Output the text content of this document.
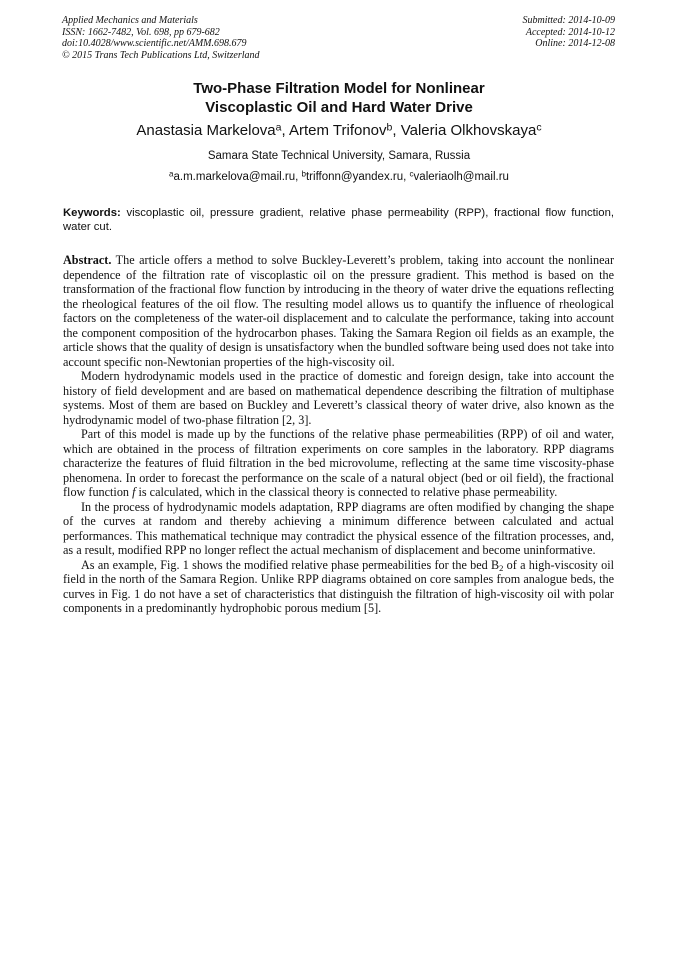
Applied Mechanics and Materials
ISSN: 1662-7482, Vol. 698, pp 679-682
doi:10.4028/www.scientific.net/AMM.698.679
© 2015 Trans Tech Publications Ltd, Switzerland
Submitted: 2014-10-09
Accepted: 2014-10-12
Online: 2014-12-08
Two-Phase Filtration Model for Nonlinear
Viscoplastic Oil and Hard Water Drive
Anastasia Markelova$^a$, Artem Trifonov$^b$, Valeria Olkhovskaya$^c$
Samara State Technical University, Samara, Russia
$^a$a.m.markelova@mail.ru, $^b$triffonn@yandex.ru, $^c$valeriaolh@mail.ru
Keywords: viscoplastic oil, pressure gradient, relative phase permeability (RPP), fractional flow function, water cut.

Abstract. The article offers a method to solve Buckley-Leverett’s problem, taking into account the nonlinear dependence of the filtration rate of viscoplastic oil on the pressure gradient. This method is based on the transformation of the fractional flow function by introducing in the theory of water drive the equations reflecting the rheological features of the oil flow. The resulting model allows us to quantify the influence of rheological factors on the completeness of the water-oil displacement and to calculate the performance, taking into account the component composition of the hydrocarbon phases. Taking the Samara Region oil fields as an example, the article shows that the quality of design is unsatisfactory when the bundled software being used does not take into account specific non-Newtonian properties of the high-viscosity oil.

Modern hydrodynamic models used in the practice of domestic and foreign design, take into account the history of field development and are based on mathematical dependence describing the filtration of multiphase systems. Most of them are based on Buckley and Leverett’s classical theory of water drive, also known as the hydrodynamic model of two-phase filtration [2, 3].

Part of this model is made up by the functions of the relative phase permeabilities (RPP) of oil and water, which are obtained in the process of filtration experiments on core samples in the laboratory. RPP diagrams characterize the features of fluid filtration in the bed microvolume, reflecting at the same time viscosity-phase phenomena. In order to forecast the performance on the scale of a natural object (bed or oil field), the fractional flow function f is calculated, which in the classical theory is connected to relative phase permeability.

In the process of hydrodynamic models adaptation, RPP diagrams are often modified by changing the shape of the curves at random and thereby achieving a minimum difference between calculated and actual performances. This mathematical technique may contradict the physical essence of the filtration processes, and, as a result, modified RPP no longer reflect the actual mechanism of displacement and become uninformative.

As an example, Fig. 1 shows the modified relative phase permeabilities for the bed $B_2$ of a high-viscosity oil field in the north of the Samara Region. Unlike RPP diagrams obtained on core samples from analogue beds, the curves in Fig. 1 do not have a set of characteristics that distinguish the filtration of high-viscosity oil with polar components in a predominantly hydrophobic porous medium [5].
